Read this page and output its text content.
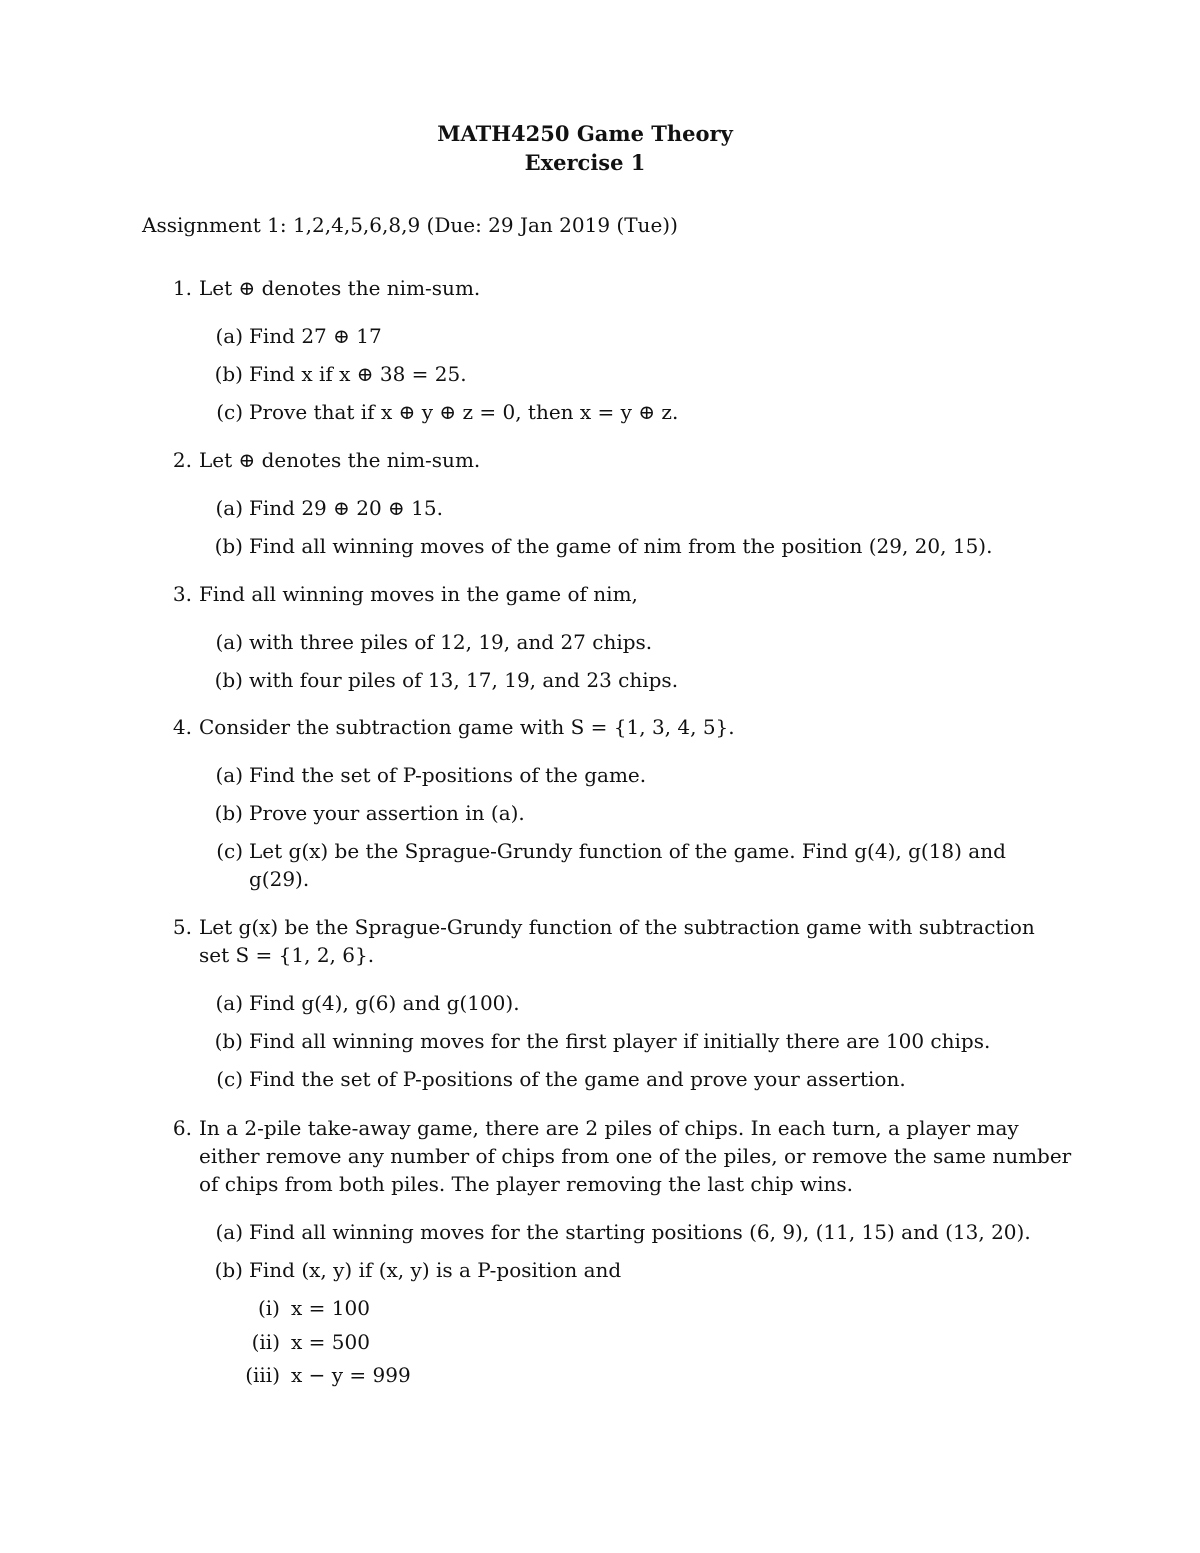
MATH4250 Game Theory
Exercise 1
Assignment 1: 1,2,4,5,6,8,9 (Due: 29 Jan 2019 (Tue))
1. Let ⊕ denotes the nim-sum.
(a) Find 27 ⊕ 17
(b) Find x if x ⊕ 38 = 25.
(c) Prove that if x ⊕ y ⊕ z = 0, then x = y ⊕ z.
2. Let ⊕ denotes the nim-sum.
(a) Find 29 ⊕ 20 ⊕ 15.
(b) Find all winning moves of the game of nim from the position (29, 20, 15).
3. Find all winning moves in the game of nim,
(a) with three piles of 12, 19, and 27 chips.
(b) with four piles of 13, 17, 19, and 23 chips.
4. Consider the subtraction game with S = {1, 3, 4, 5}.
(a) Find the set of P-positions of the game.
(b) Prove your assertion in (a).
(c) Let g(x) be the Sprague-Grundy function of the game. Find g(4), g(18) and
g(29).
5. Let g(x) be the Sprague-Grundy function of the subtraction game with subtraction
set S = {1, 2, 6}.
(a) Find g(4), g(6) and g(100).
(b) Find all winning moves for the first player if initially there are 100 chips.
(c) Find the set of P-positions of the game and prove your assertion.
6. In a 2-pile take-away game, there are 2 piles of chips. In each turn, a player may
either remove any number of chips from one of the piles, or remove the same number
of chips from both piles. The player removing the last chip wins.
(a) Find all winning moves for the starting positions (6, 9), (11, 15) and (13, 20).
(b) Find (x, y) if (x, y) is a P-position and
(i) x = 100
(ii) x = 500
(iii) x − y = 999
